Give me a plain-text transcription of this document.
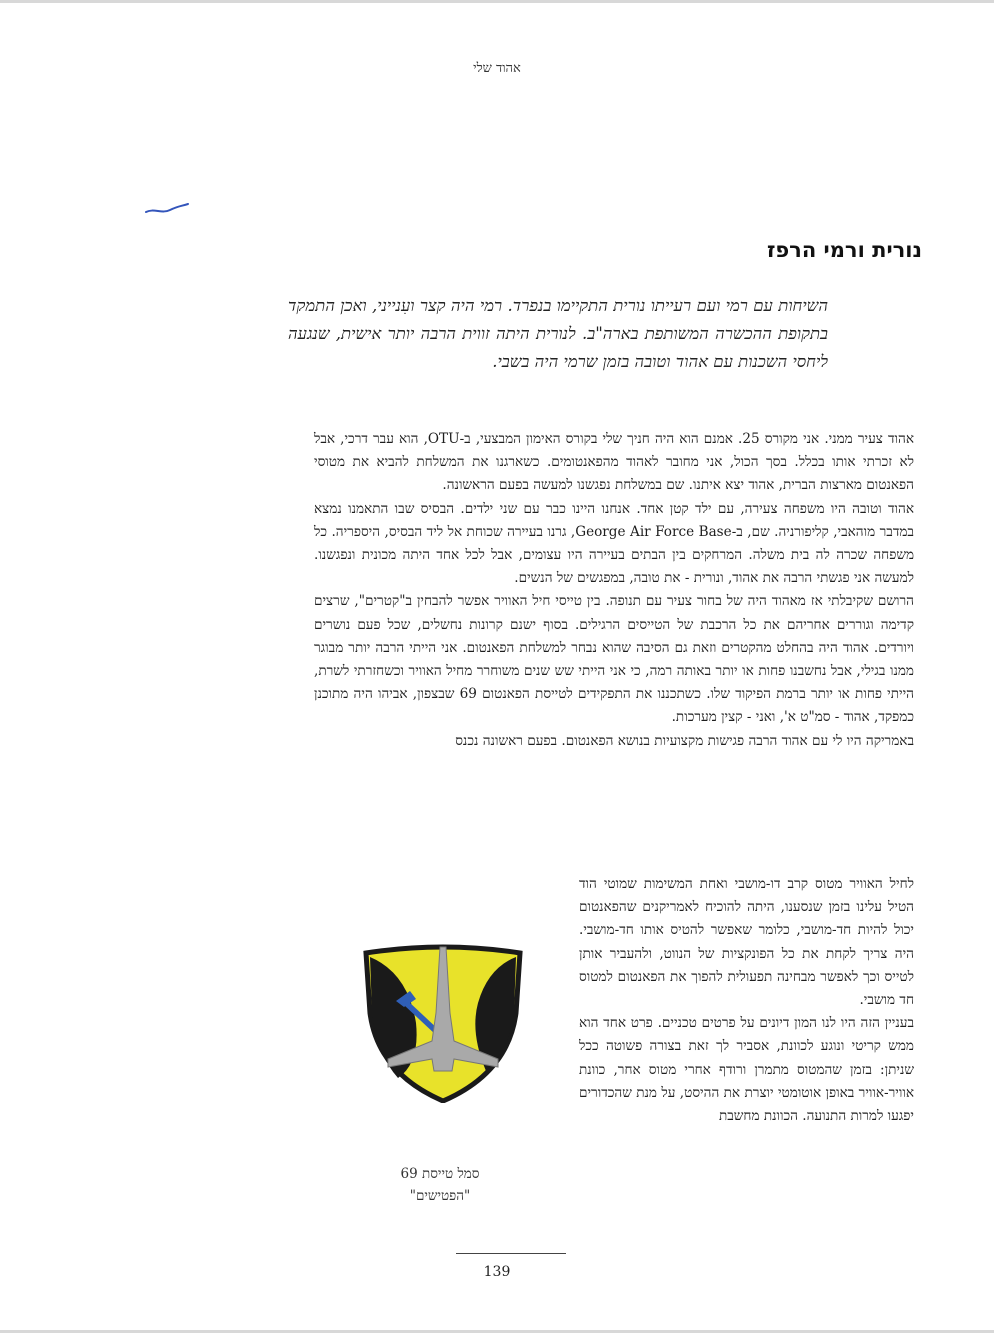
אהוד שלי
נורית ורמי הרפז

השיחות עם רמי ועם רעייתו נורית התקיימו בנפרד. רמי היה קצר ועִנייני, ואכן התמקד בתקופת ההכשרה המשותפת בארה"ב. לנורית היתה זווית הרבה יותר אישית, שנגעה ליחסי השכנות עם אהוד וטובה בזמן שרמי היה בשבי.

אהוד צעיר ממני. אני מקורס 25. אמנם הוא היה חניך שלי בקורס האימון המבצעי, ב-OTU, הוא עבר דרכי, אבל לא זכרתי אותו בכלל. בסך הכול, אני מחובר לאהוד מהפאנטומים. כשארגנו את המשלחת להביא את מטוסי הפאנטום מארצות הברית, אהוד יצא איתנו. שם במשלחת נפגשנו למעשה בפעם הראשונה.

אהוד וטובה היו משפחה צעירה, עם ילד קטן אחד. אנחנו היינו כבר עם שני ילדים. הבסיס שבו התאמנו נמצא במדבר מוהאבי, קליפורניה. שם, ב-George Air Force Base, גרנו בעיירה שכוחת אל ליד הבסיס, היספריה. כל משפחה שכרה לה בית משלה. המרחקים בין הבתים בעיירה היו עצומים, אבל לכל אחד היתה מכונית ונפגשנו. למעשה אני פגשתי הרבה את אהוד, ונורית - את טובה, במפגשים של הנשים.

הרושם שקיבלתי אז מאהוד היה של בחור צעיר עם תנופה. בין טייסי חיל האוויר אפשר להבחין ב"קטרים", שרצים קדימה וגוררים אחריהם את כל הרכבת של הטייסים הרגילים. בסוף ישנם קרונות נחשלים, שכל פעם נושרים ויורדים. אהוד היה בהחלט מהקטרים וזאת גם הסיבה שהוא נבחר למשלחת הפאנטום. אני הייתי הרבה יותר מבוגר ממנו בגילי, אבל נחשבנו פחות או יותר באותה רמה, כי אני הייתי שש שנים משוחרר מחיל האוויר וכשחזרתי לשרת, הייתי פחות או יותר ברמת הפיקוד שלו. כשתכננו את התפקידים לטייסת הפאנטום 69 שבצפון, אביהו היה מתוכנן כמפקד, אהוד - סמ"ט א', ואני - קצין מערכות.

באמריקה היו לי עם אהוד הרבה פגישות מקצועיות בנושא הפאנטום. בפעם ראשונה נכנס

לחיל האוויר מטוס קרב דו-מושבי ואחת המשימות שמוטי הוד הטיל עלינו בזמן שנסענו, היתה להוכיח לאמריקנים שהפאנטום יכול להיות חד-מושבי, כלומר שאפשר להטיס אותו חד-מושבי. היה צריך לקחת את כל הפונקציות של הנווט, ולהעביר אותן לטייס וכך לאפשר מבחינה תפעולית להפוך את הפאנטום למטוס חד מושבי.

בעניין הזה היו לנו המון דיונים על פרטים טכניים. פרט אחד הוא ממש קריטי ונוגע לכוונת, אסביר לך זאת בצורה פשוטה ככל שניתן: בזמן שהמטוס מתמרן ורודף אחרי מטוס אחר, כוונת אוויר-אוויר באופן אוטומטי יוצרת את ההיסט, על מנת שהכדורים יפגעו למרות התנועה. הכוונת מחשבת

סמל טייסת 69
"הפטישים"
139
